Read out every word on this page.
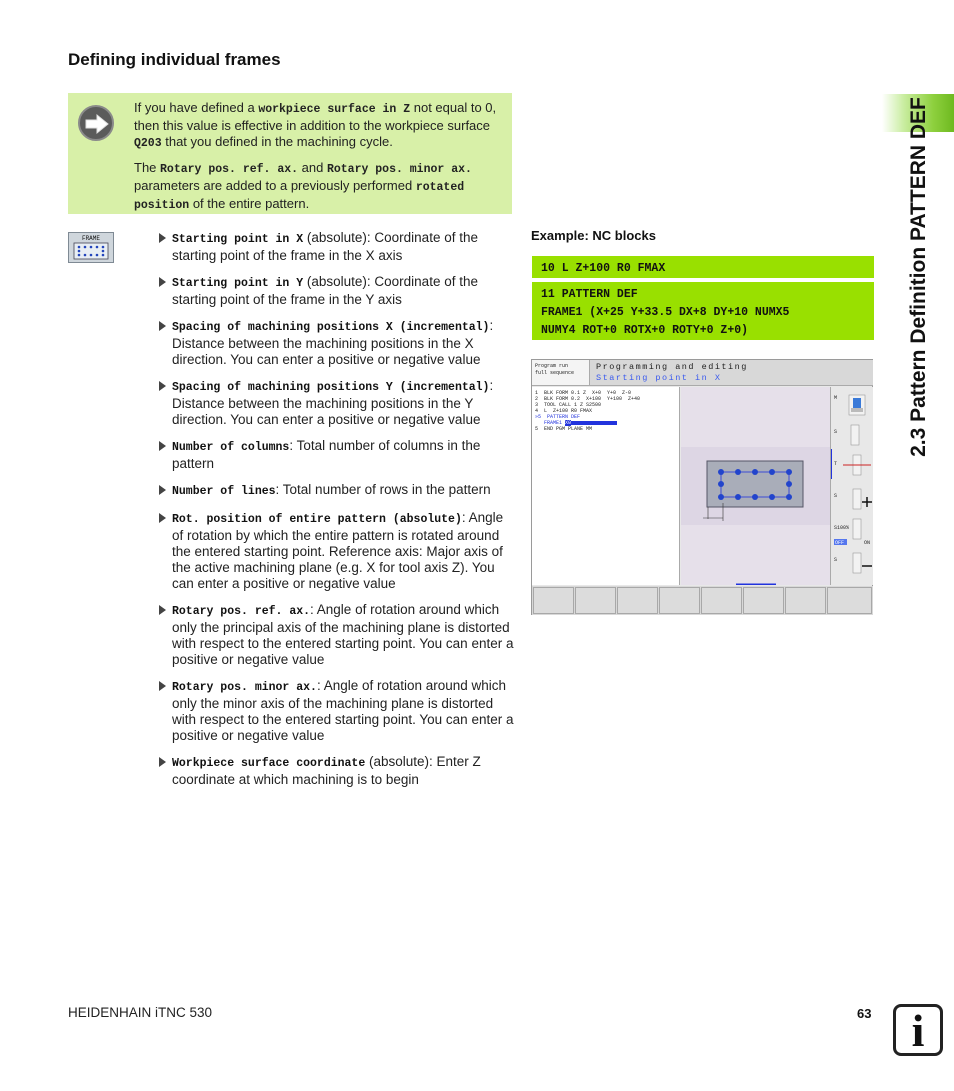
Defining individual frames

If you have defined a workpiece surface in Z not equal to 0, then this value is effective in addition to the workpiece surface Q203 that you defined in the machining cycle.

The Rotary pos. ref. ax. and Rotary pos. minor ax. parameters are added to a previously performed rotated position of the entire pattern.

FRAME	Starting point in X (absolute): Coordinate of the starting point of the frame in the X axis
Starting point in Y (absolute): Coordinate of the starting point of the frame in the Y axis
Spacing of machining positions X (incremental): Distance between the machining positions in the X direction. You can enter a positive or negative value
Spacing of machining positions Y (incremental): Distance between the machining positions in the Y direction. You can enter a positive or negative value
Number of columns: Total number of columns in the pattern
Number of lines: Total number of rows in the pattern
Rot. position of entire pattern (absolute): Angle of rotation by which the entire pattern is rotated around the entered starting point. Reference axis: Major axis of the active machining plane (e.g. X for tool axis Z). You can enter a positive or negative value
Rotary pos. ref. ax.: Angle of rotation around which only the principal axis of the machining plane is distorted with respect to the entered starting point. You can enter a positive or negative value
Rotary pos. minor ax.: Angle of rotation around which only the minor axis of the machining plane is distorted with respect to the entered starting point. You can enter a positive or negative value
Workpiece surface coordinate (absolute): Enter Z coordinate at which machining is to begin
Example: NC blocks
10 L Z+100 R0 FMAX
11 PATTERN DEF
FRAME1 (X+25 Y+33.5 DX+8 DY+10 NUMX5
NUMY4 ROT+0 ROTX+0 ROTY+0 Z+0)
Program run
full sequence
Programming and editing
Starting point in X
1  BLK FORM 0.1 Z  X+0  Y+0  Z-0
2  BLK FORM 0.2  X+100  Y+100  Z+40
3  TOOL CALL 1 Z S2500
4  L  Z+100 R0 FMAX
»5  PATTERN DEF
FRAME1 X0
5  END PGM PLANE MM
M
S
T
S
S100%
ON
S
OFF
2.3 Pattern Definition PATTERN DEF
HEIDENHAIN iTNC 530	63 i
